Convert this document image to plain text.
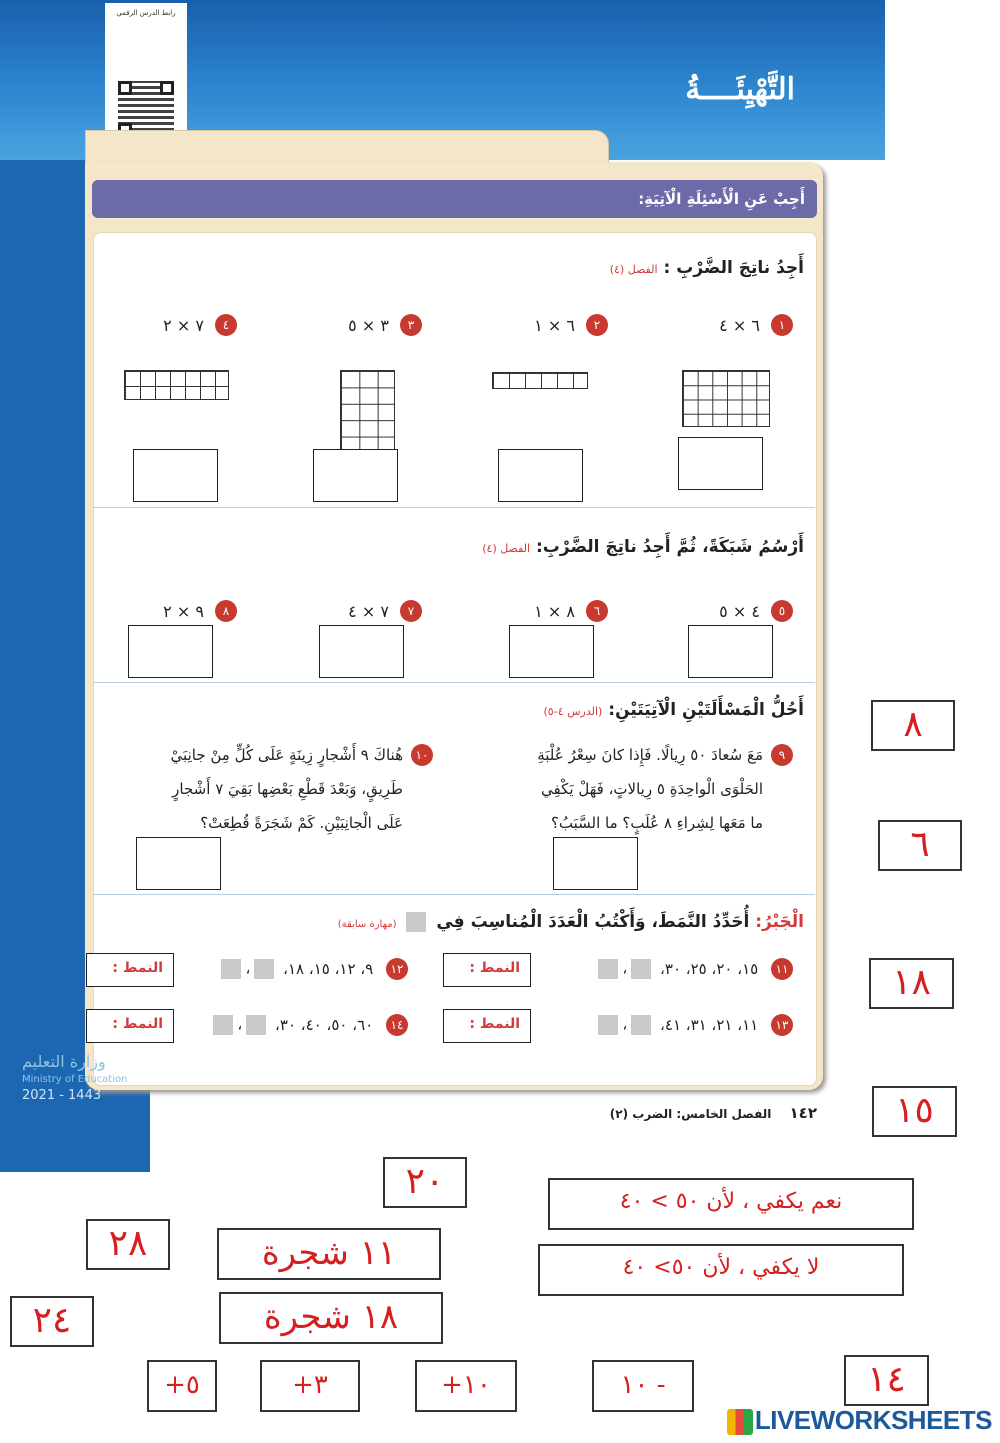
التَّهْيِئَــــةُ
رابط الدرس الرقمي
أَجِبْ عَنِ الْأَسْئِلَةِ الْآتِيَةِ:
أَجِدُ ناتِجَ الضَّرْبِ : الفصل (٤)
١ ٦ × ٤
٢ ٦ × ١
٣ ٣ × ٥
٤ ٧ × ٢
أَرْسُمُ شَبَكَةً، ثُمَّ أَجِدُ ناتِجَ الضَّرْبِ: الفصل (٤)
٥ ٤ × ٥
٦ ٨ × ١
٧ ٧ × ٤
٨ ٩ × ٢
أَحُلُّ الْمَسْأَلَتَيْنِ الْآتِيَتَيْنِ: (الدرس ٤-٥)
٩
مَعَ سُعادَ ٥٠ رِيالًا. فَإِذا كانَ سِعْرُ عُلْبَةِ
الحَلْوَى الْواحِدَةِ ٥ رِيالاتٍ، فَهَلْ يَكْفِي
ما مَعَها لِشِراءِ ٨ عُلَبٍ؟ ما السَّبَبُ؟
١٠
هُناكَ ٩ أَشْجارٍ زِينَةٍ عَلَى كُلٍّ مِنْ جانِبَيْ
طَرِيقٍ، وَبَعْدَ قَطْعِ بَعْضِها بَقِيَ ٧ أَشْجارٍ
عَلَى الْجانِبَيْنِ. كَمْ شَجَرَةً قُطِعَتْ؟
الْجَبْرُ: أُحَدِّدُ النَّمَطَ، وَأَكْتُبُ الْعَدَدَ الْمُناسِبَ فِي  (مهارة سابقة)
١١ ١٥، ٢٠، ٢٥، ٣٠، ،
النمط :
١٢ ٩، ١٢، ١٥، ١٨، ،
النمط :
١٣ ١١، ٢١، ٣١، ٤١، ،
النمط :
١٤ ٦٠، ٥٠، ٤٠، ٣٠، ،
النمط :
وزارة التعليم
Ministry of Education
2021 - 1443
١٤٢ الفصل الخامس: الضرب (٢)
٨
٦
١٨
١٥
٢٠	نعم يكفي ، لأن ٥٠ > ٤٠
٢٨	١١ شجرة	لا يكفي ، لأن ٥٠> ٤٠
٢٤	١٨ شجرة
٥+	٣+	١٠+	- ١٠	١٤
LIVEWORKSHEETS
